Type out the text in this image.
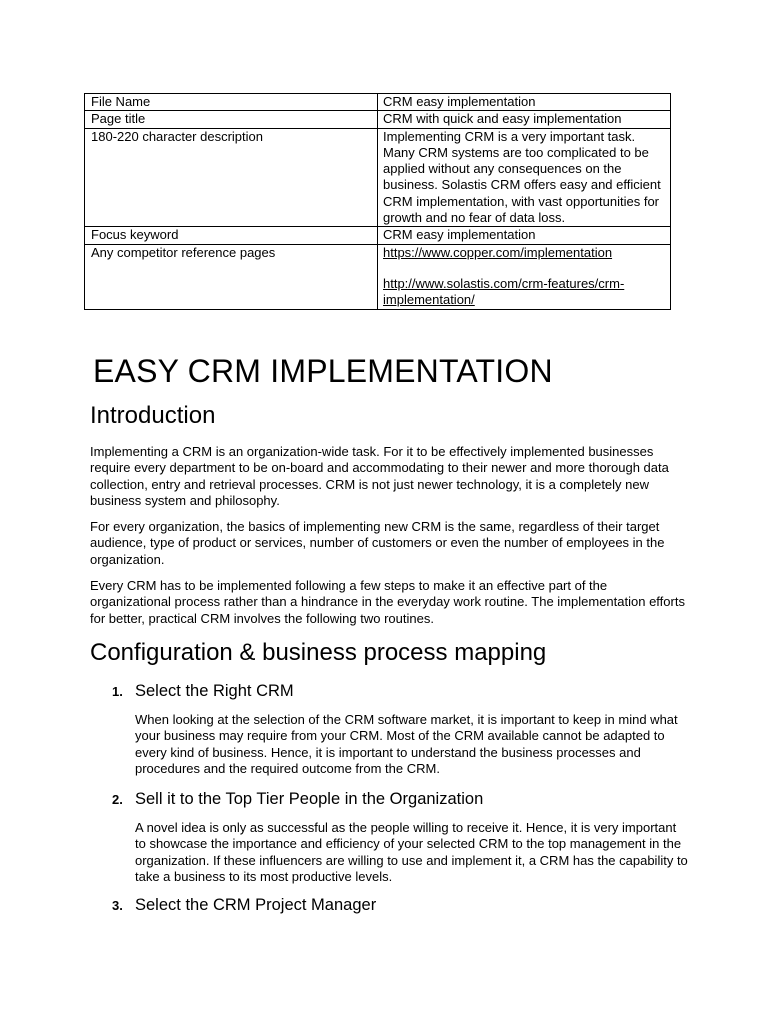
File Name	CRM easy implementation
Page title	CRM with quick and easy implementation
180-220 character description	Implementing CRM is a very important task. Many CRM systems are too complicated to be applied without any consequences on the business. Solastis CRM offers easy and efficient CRM implementation, with vast opportunities for growth and no fear of data loss.
Focus keyword	CRM easy implementation
Any competitor reference pages	https://www.copper.com/implementation
http://www.solastis.com/crm-features/crm-implementation/
EASY CRM IMPLEMENTATION
Introduction

Implementing a CRM is an organization-wide task. For it to be effectively implemented businesses require every department to be on-board and accommodating to their newer and more thorough data collection, entry and retrieval processes. CRM is not just newer technology, it is a completely new business system and philosophy.

For every organization, the basics of implementing new CRM is the same, regardless of their target audience, type of product or services, number of customers or even the number of employees in the organization.

Every CRM has to be implemented following a few steps to make it an effective part of the organizational process rather than a hindrance in the everyday work routine. The implementation efforts for better, practical CRM involves the following two routines.

Configuration & business process mapping
1. Select the Right CRM

When looking at the selection of the CRM software market, it is important to keep in mind what your business may require from your CRM. Most of the CRM available cannot be adapted to every kind of business. Hence, it is important to understand the business processes and procedures and the required outcome from the CRM.

2. Sell it to the Top Tier People in the Organization

A novel idea is only as successful as the people willing to receive it. Hence, it is very important to showcase the importance and efficiency of your selected CRM to the top management in the organization. If these influencers are willing to use and implement it, a CRM has the capability to take a business to its most productive levels.

3. Select the CRM Project Manager
